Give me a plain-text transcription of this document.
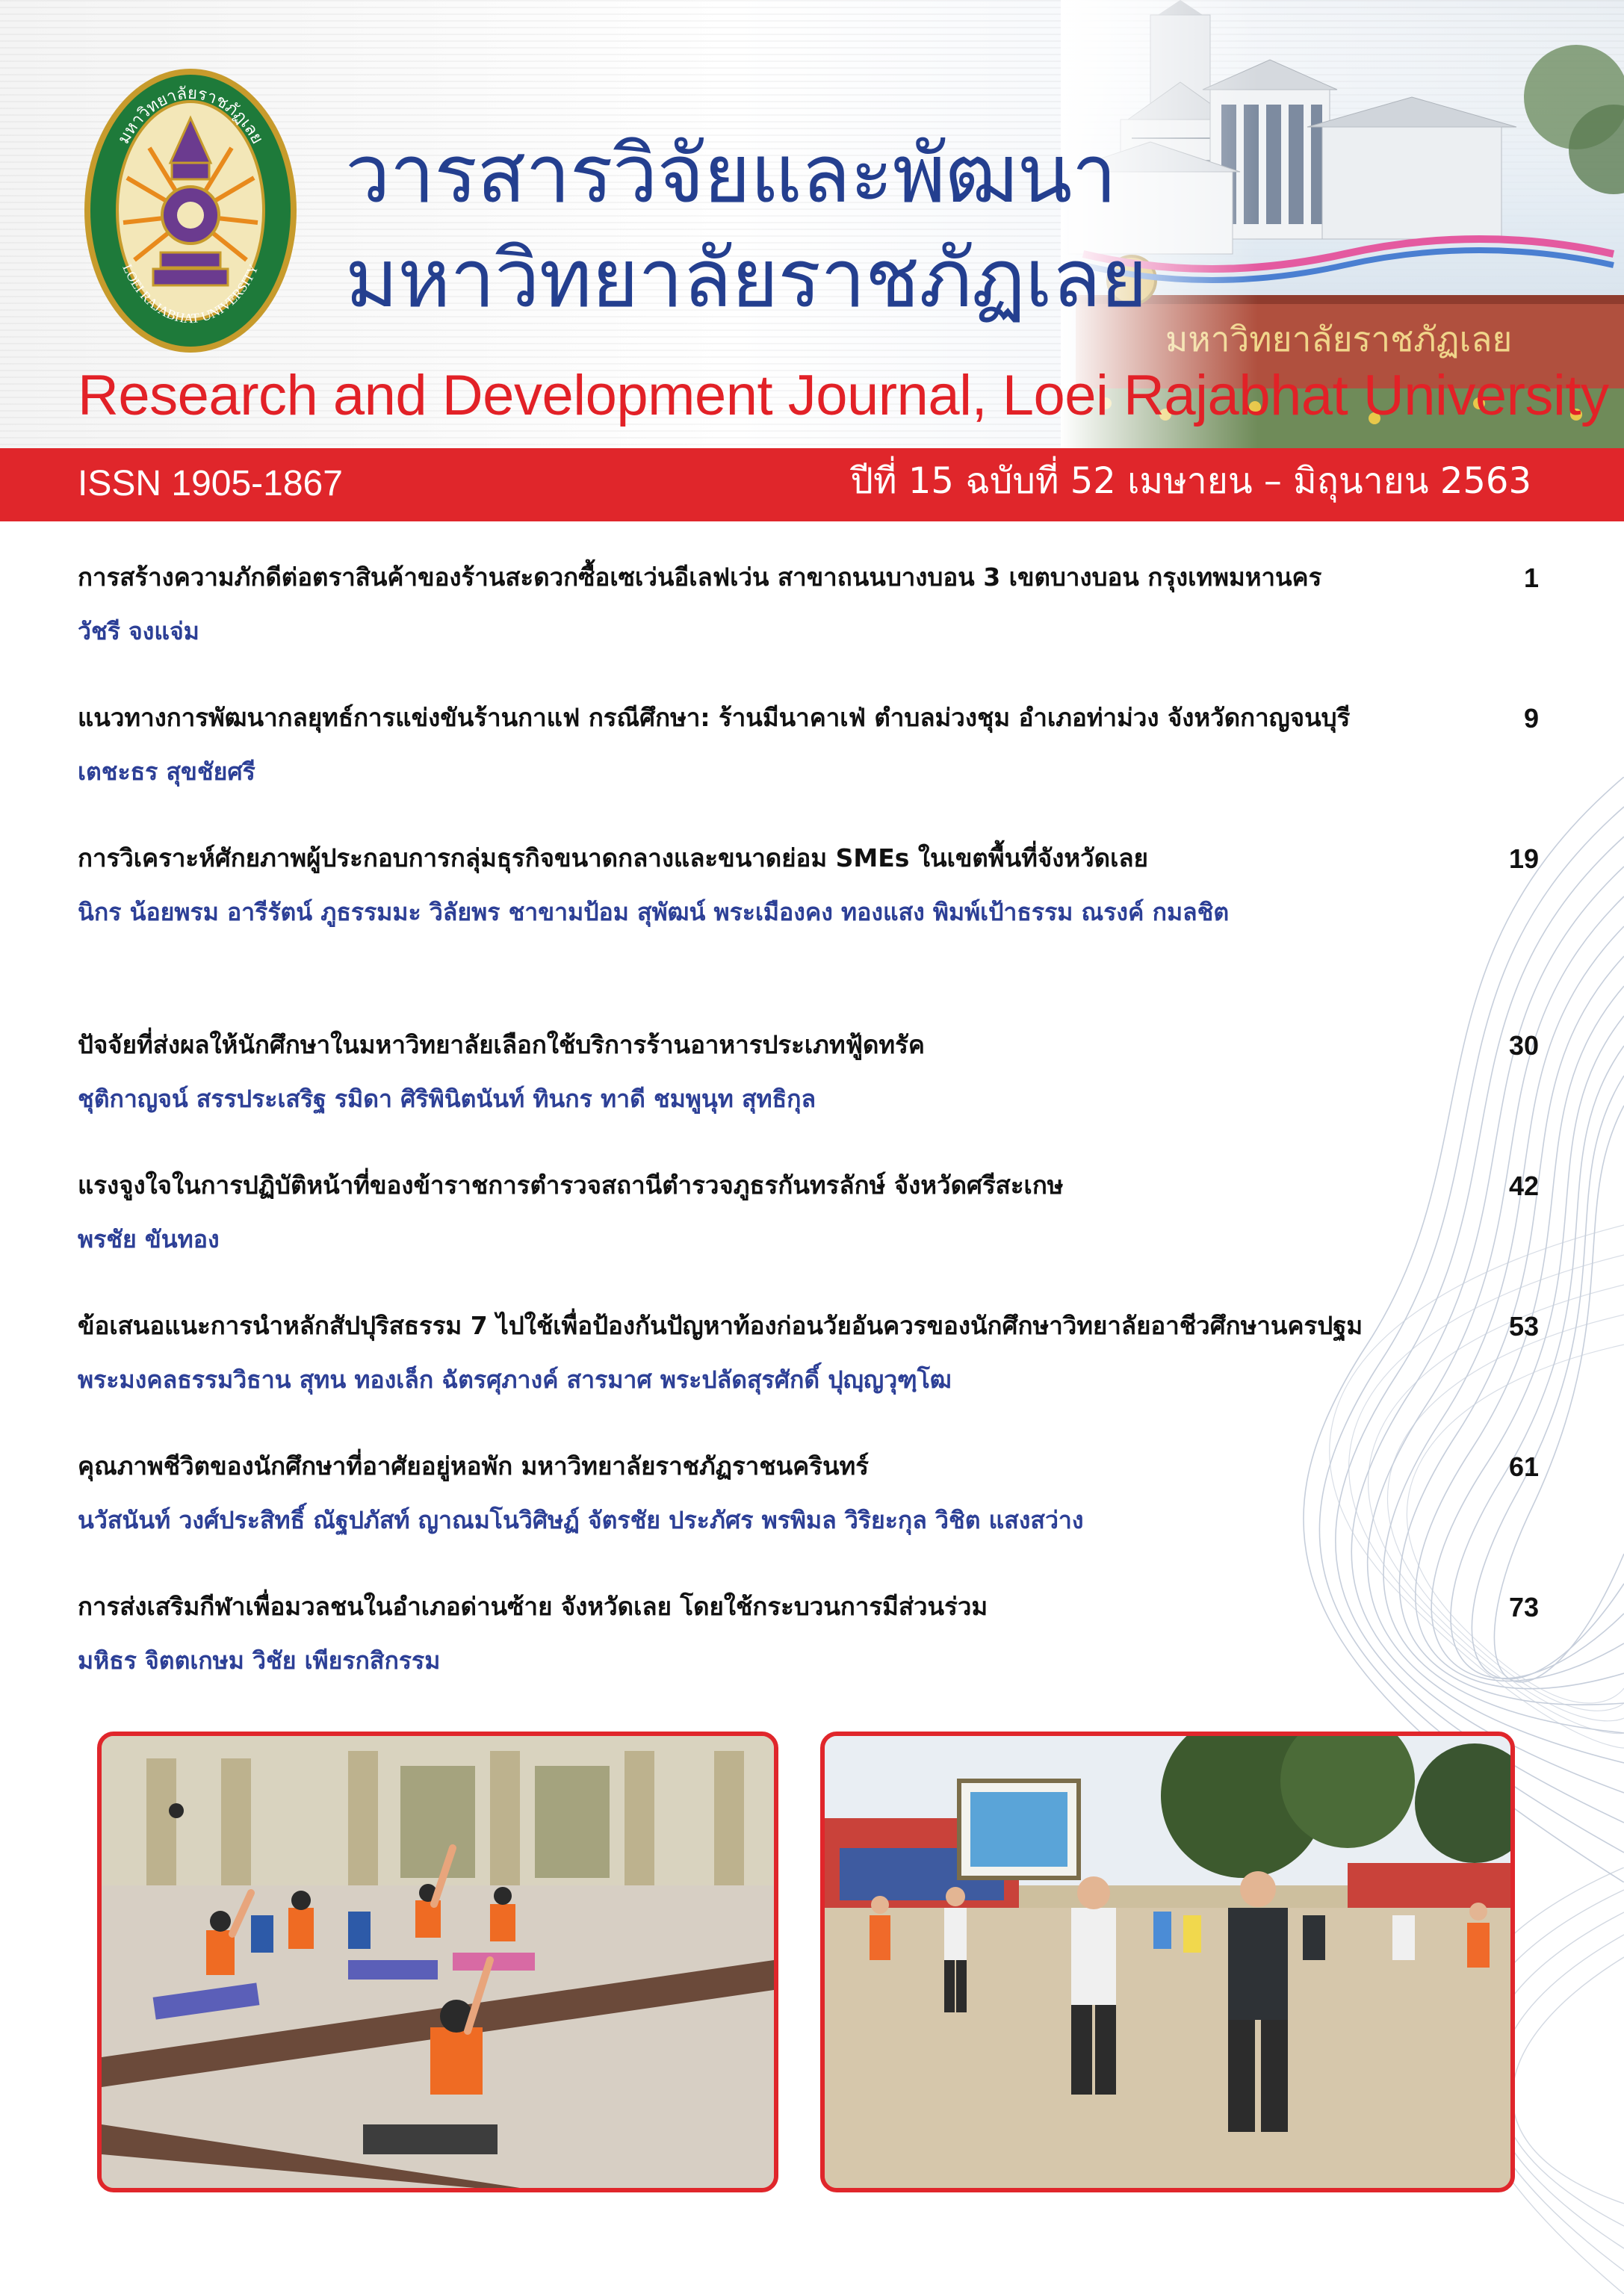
มหาวิทยาลัยราชภัฏเลย
LOEI RAJABHAT UNIVERSITY
วารสารวิจัยและพัฒนา
มหาวิทยาลัยราชภัฏเลย
Research and Development Journal, Loei Rajabhat University
ISSN 1905-1867	ปีที่ 15 ฉบับที่ 52 เมษายน – มิถุนายน 2563
การสร้างความภักดีต่อตราสินค้าของร้านสะดวกซื้อเซเว่นอีเลฟเว่น สาขาถนนบางบอน 3 เขตบางบอน กรุงเทพมหานคร	1
วัชรี จงแจ่ม
แนวทางการพัฒนากลยุทธ์การแข่งขันร้านกาแฟ กรณีศึกษา: ร้านมีนาคาเฟ่ ตำบลม่วงชุม อำเภอท่าม่วง จังหวัดกาญจนบุรี	9
เตชะธร สุขชัยศรี
การวิเคราะห์ศักยภาพผู้ประกอบการกลุ่มธุรกิจขนาดกลางและขนาดย่อม SMEs ในเขตพื้นที่จังหวัดเลย	19
นิกร น้อยพรม อารีรัตน์ ภูธรรมมะ วิลัยพร ชาขามป้อม สุพัฒน์ พระเมืองคง ทองแสง พิมพ์เป้าธรรม ณรงค์ กมลชิต
ปัจจัยที่ส่งผลให้นักศึกษาในมหาวิทยาลัยเลือกใช้บริการร้านอาหารประเภทฟู้ดทรัค	30
ชุติกาญจน์ สรรประเสริฐ รมิดา ศิริพินิตนันท์ ทินกร ทาดี ชมพูนุท สุทธิกุล
แรงจูงใจในการปฏิบัติหน้าที่ของข้าราชการตำรวจสถานีตำรวจภูธรกันทรลักษ์ จังหวัดศรีสะเกษ	42
พรชัย ขันทอง
ข้อเสนอแนะการนำหลักสัปปุริสธรรม 7 ไปใช้เพื่อป้องกันปัญหาท้องก่อนวัยอันควรของนักศึกษาวิทยาลัยอาชีวศึกษานครปฐม	53
พระมงคลธรรมวิธาน สุทน ทองเล็ก ฉัตรศุภางค์ สารมาศ พระปลัดสุรศักดิ์ ปุญฺญวุฑฺโฒ
คุณภาพชีวิตของนักศึกษาที่อาศัยอยู่หอพัก มหาวิทยาลัยราชภัฏราชนครินทร์	61
นวัสนันท์ วงศ์ประสิทธิ์ ณัฐปภัสท์ ญาณมโนวิศิษฏ์ จัตรชัย ประภัศร พรพิมล วิริยะกุล วิชิต แสงสว่าง
การส่งเสริมกีฬาเพื่อมวลชนในอำเภอด่านซ้าย จังหวัดเลย โดยใช้กระบวนการมีส่วนร่วม	73
มหิธร จิตตเกษม วิชัย เพียรกสิกรรม
